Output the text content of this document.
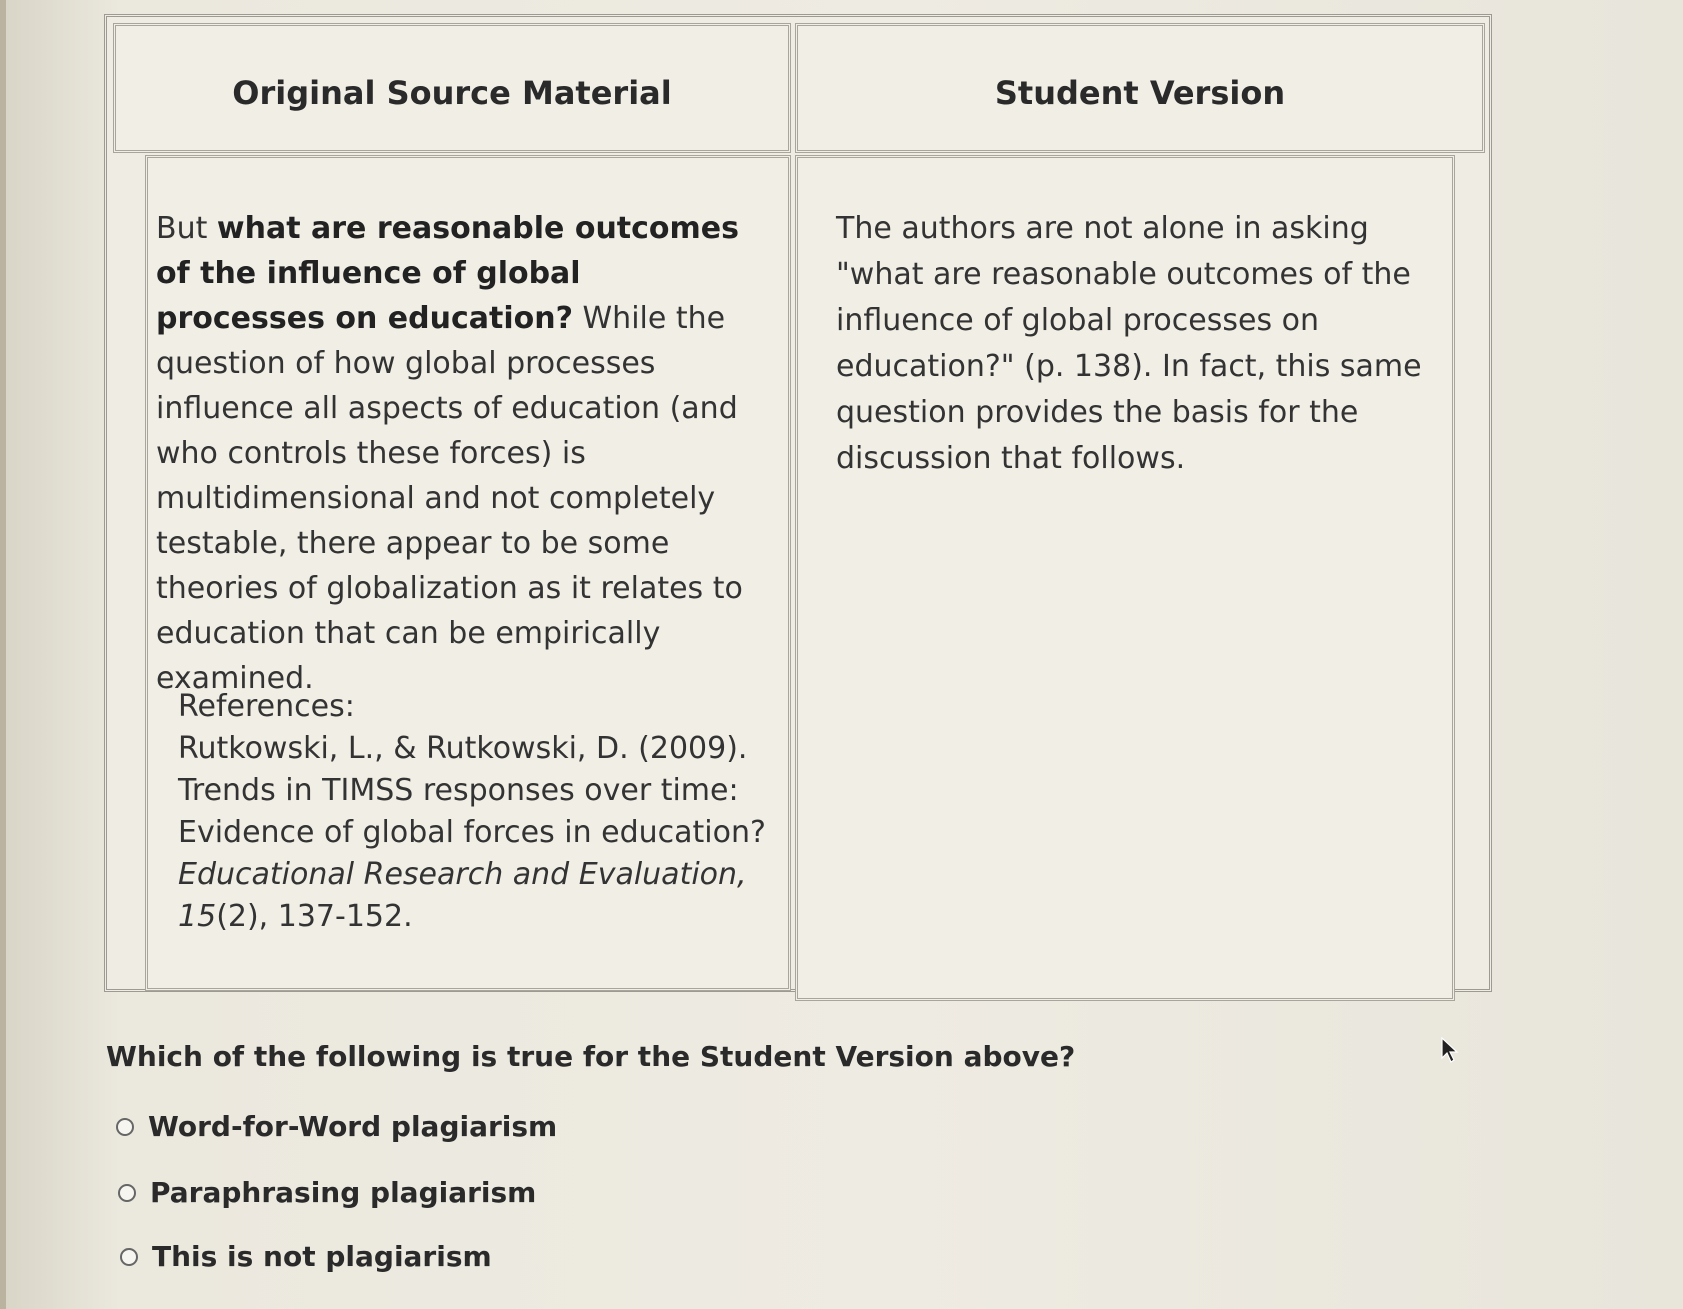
Original Source Material	Student Version
But what are reasonable outcomes of the influence of global processes on education? While the question of how global processes influence all aspects of education (and who controls these forces) is multidimensional and not completely testable, there appear to be some theories of globalization as it relates to education that can be empirically examined.
References:
Rutkowski, L., & Rutkowski, D. (2009). Trends in TIMSS responses over time: Evidence of global forces in education? Educational Research and Evaluation, 15(2), 137-152.
The authors are not alone in asking "what are reasonable outcomes of the influence of global processes on education?" (p. 138). In fact, this same question provides the basis for the discussion that follows.
Which of the following is true for the Student Version above?
Word-for-Word plagiarism
Paraphrasing plagiarism
This is not plagiarism
